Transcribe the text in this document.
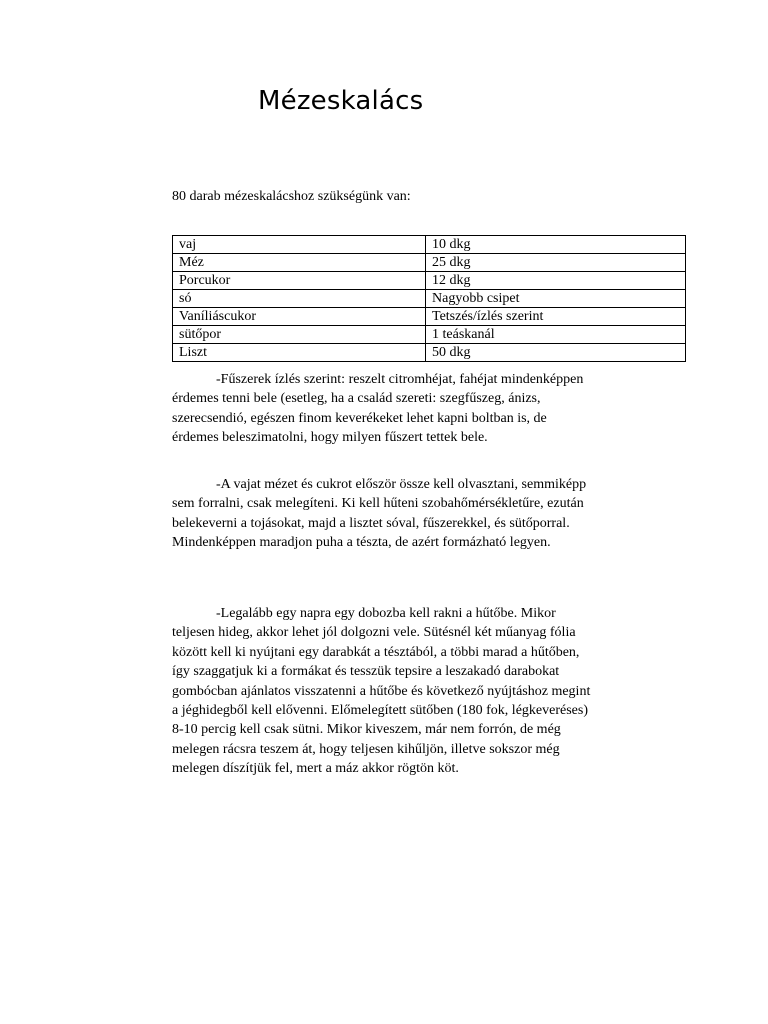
Mézeskalács

80 darab mézeskalácshoz szükségünk van:

vaj	10 dkg
Méz	25 dkg
Porcukor	12 dkg
só	Nagyobb csipet
Vaníliáscukor	Tetszés/ízlés szerint
sütőpor	1 teáskanál
Liszt	50 dkg

-Fűszerek ízlés szerint: reszelt citromhéjat, fahéjat mindenképpen érdemes tenni bele (esetleg, ha a család szereti: szegfűszeg, ánizs, szerecsendió, egészen finom keverékeket lehet kapni boltban is, de érdemes beleszimatolni, hogy milyen fűszert tettek bele.

-A vajat mézet és cukrot először össze kell olvasztani, semmiképp sem forralni, csak melegíteni. Ki kell hűteni szobahőmérsékletűre, ezután belekeverni a tojásokat, majd a lisztet sóval, fűszerekkel, és sütőporral. Mindenképpen maradjon puha a tészta, de azért formázható legyen.

-Legalább egy napra egy dobozba kell rakni a hűtőbe. Mikor teljesen hideg, akkor lehet jól dolgozni vele. Sütésnél két műanyag fólia között kell ki nyújtani egy darabkát a tésztából, a többi marad a hűtőben, így szaggatjuk ki a formákat és tesszük tepsire a leszakadó darabokat gombócban ajánlatos visszatenni a hűtőbe és következő nyújtáshoz megint a jéghidegből kell elővenni. Előmelegített sütőben (180 fok, légkeveréses) 8-10 percig kell csak sütni. Mikor kiveszem, már nem forrón, de még melegen rácsra teszem át, hogy teljesen kihűljön, illetve sokszor még melegen díszítjük fel, mert a máz akkor rögtön köt.
